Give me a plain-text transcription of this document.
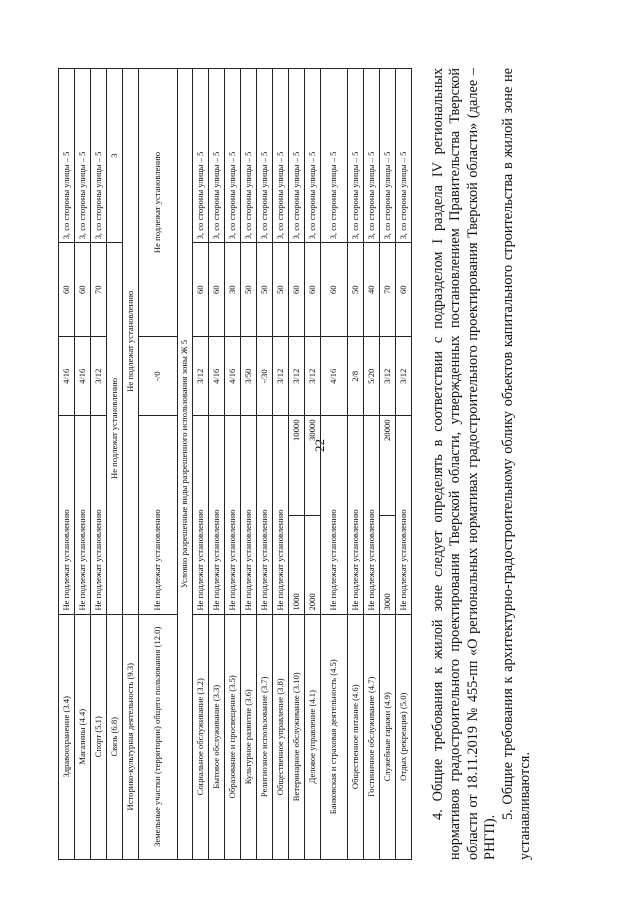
22
Здравоохранение (3.4)	Не подлежат установлению		4/16	60	3, со стороны улицы – 5
Магазины (4.4)	Не подлежат установлению		4/16	60	3, со стороны улицы – 5
Спорт (5.1)	Не подлежат установлению		3/12	70	3, со стороны улицы – 5
Связь (6.8)	Не подлежат установлению				3
Историко-культурная деятельность (9.3)	Не подлежат установлению				
Земельные участки (территории) общего пользования (12.0)	Не подлежат установлению		-/0	Не подлежат установлению	
Условно разрешенные виды разрешенного использования зоны Ж 5					
Социальное обслуживание (3.2)	Не подлежат установлению		3/12	60	3, со стороны улицы – 5
Бытовое обслуживание (3.3)	Не подлежат установлению		4/16	60	3, со стороны улицы – 5
Образование и просвещение (3.5)	Не подлежат установлению		4/16	30	3, со стороны улицы – 5
Культурное развитие (3.6)	Не подлежат установлению		3/50	50	3, со стороны улицы – 5
Религиозное использование (3.7)	Не подлежат установлению		-/30	50	3, со стороны улицы – 5
Общественное управление (3.8)	Не подлежат установлению		3/12	50	3, со стороны улицы – 5
Ветеринарное обслуживание (3.10)	1000	10000	3/12	60	3, со стороны улицы – 5
Деловое управление (4.1)	2000	30000	3/12	60	3, со стороны улицы – 5
Банковская и страховая деятельность (4.5)	Не подлежат установлению		4/16	60	3, со стороны улицы – 5
Общественное питание (4.6)	Не подлежат установлению		2/8	50	3, со стороны улицы – 5
Гостиничное обслуживание (4.7)	Не подлежат установлению		5/20	40	3, со стороны улицы – 5
Служебные гаражи (4.9)	3000	20000	3/12	70	3, со стороны улицы – 5
Отдых (рекреация) (5.0)	Не подлежат установлению		3/12	60	3, со стороны улицы – 5 4. Общие требования к жилой зоне следует определять в соответствии с подразделом I раздела IV региональных нормативов градостроительного проектирования Тверской области, утвержденных постановлением Правительства Тверской области от 18.11.2019 № 455-пп «О региональных нормативах градостроительного проектирования Тверской области» (далее – РНГП).

5. Общие требования к архитектурно-градостроительному облику объектов капитального строительства в жилой зоне не устанавливаются.
